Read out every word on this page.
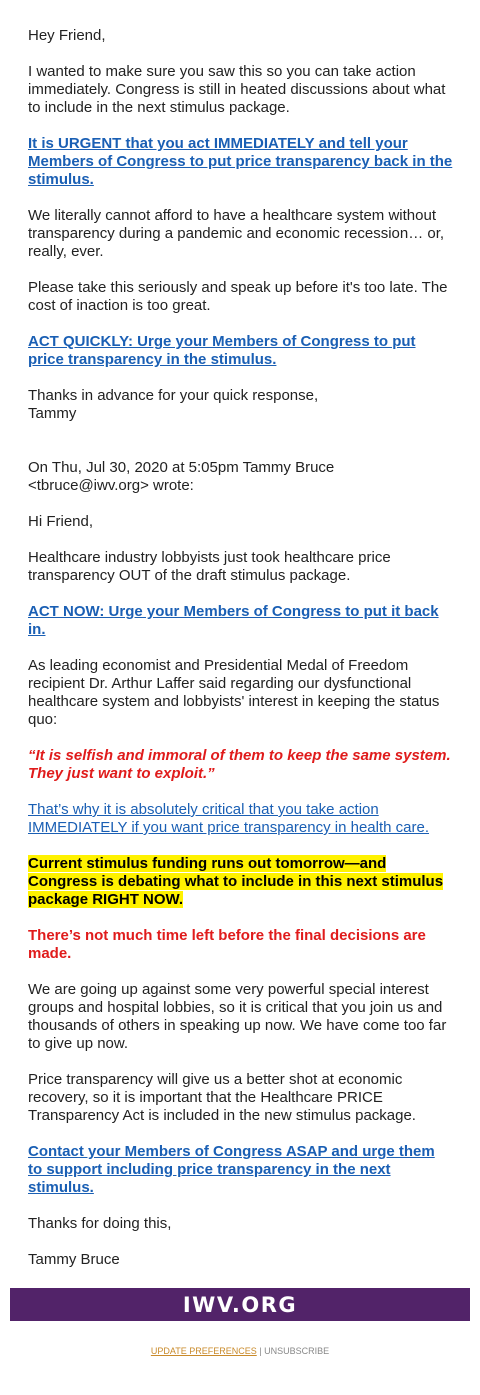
Hey Friend,

I wanted to make sure you saw this so you can take action immediately. Congress is still in heated discussions about what to include in the next stimulus package.

It is URGENT that you act IMMEDIATELY and tell your Members of Congress to put price transparency back in the stimulus.

We literally cannot afford to have a healthcare system without transparency during a pandemic and economic recession… or, really, ever.

Please take this seriously and speak up before it's too late. The cost of inaction is too great.

ACT QUICKLY: Urge your Members of Congress to put price transparency in the stimulus.

Thanks in advance for your quick response,

Tammy

On Thu, Jul 30, 2020 at 5:05pm Tammy Bruce <tbruce@iwv.org> wrote:

Hi Friend,

Healthcare industry lobbyists just took healthcare price transparency OUT of the draft stimulus package.

ACT NOW: Urge your Members of Congress to put it back in.

As leading economist and Presidential Medal of Freedom recipient Dr. Arthur Laffer said regarding our dysfunctional healthcare system and lobbyists' interest in keeping the status quo:

“It is selfish and immoral of them to keep the same system. They just want to exploit.”

That’s why it is absolutely critical that you take action IMMEDIATELY if you want price transparency in health care.

Current stimulus funding runs out tomorrow—and Congress is debating what to include in this next stimulus package RIGHT NOW.

There’s not much time left before the final decisions are made.

We are going up against some very powerful special interest groups and hospital lobbies, so it is critical that you join us and thousands of others in speaking up now. We have come too far to give up now.

Price transparency will give us a better shot at economic recovery, so it is important that the Healthcare PRICE Transparency Act is included in the new stimulus package.

Contact your Members of Congress ASAP and urge them to support including price transparency in the next stimulus.

Thanks for doing this,

Tammy Bruce

IWV.ORG
UPDATE PREFERENCES | UNSUBSCRIBE
